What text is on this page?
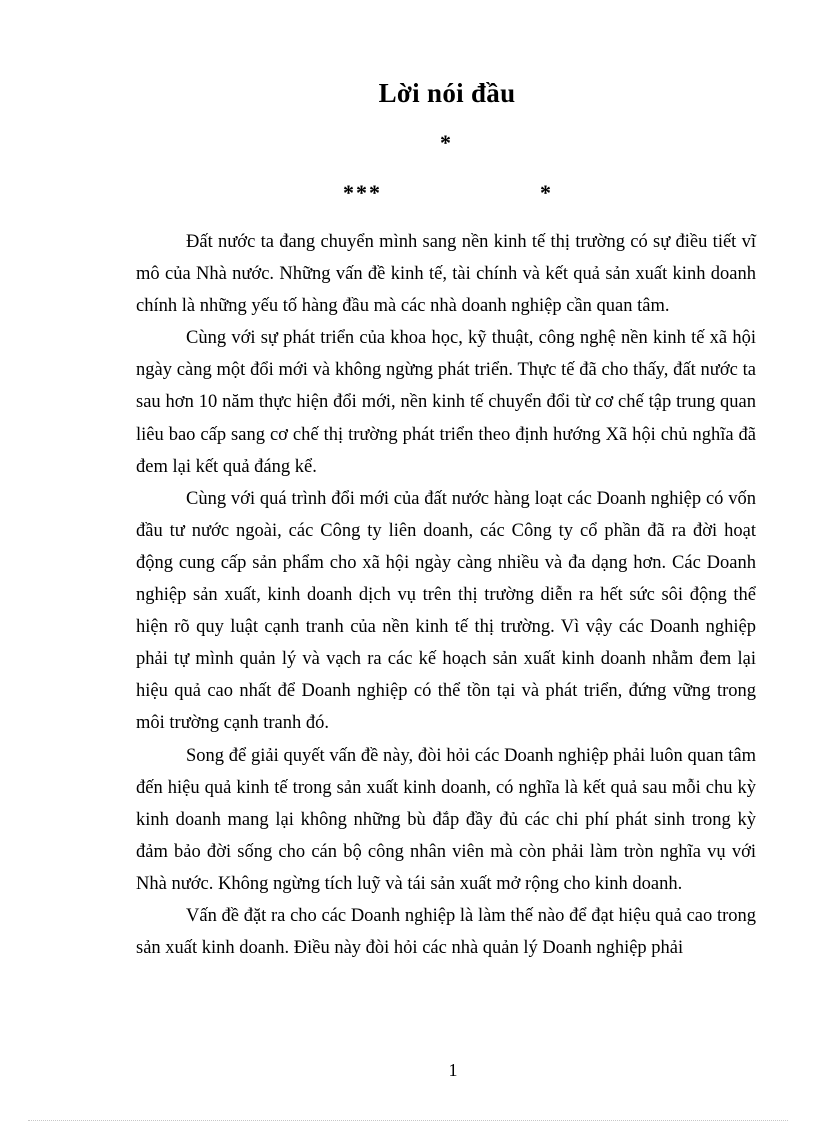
Lời nói đầu
*
***	*

Đất nước ta đang chuyển mình sang nền kinh tế thị trường có sự điều tiết vĩ mô của Nhà nước. Những vấn đề kinh tế, tài chính và kết quả sản xuất kinh doanh chính là những yếu tố hàng đầu mà các nhà doanh nghiệp cần quan tâm.

Cùng với sự phát triển của khoa học, kỹ thuật, công nghệ nền kinh tế xã hội ngày càng một đổi mới và không ngừng phát triển. Thực tế đã cho thấy, đất nước ta sau hơn 10 năm thực hiện đổi mới, nền kinh tế chuyển đổi từ cơ chế tập trung quan liêu bao cấp sang cơ chế thị trường phát triển theo định hướng Xã hội chủ nghĩa đã đem lại kết quả đáng kể.

Cùng với quá trình đổi mới của đất nước hàng loạt các Doanh nghiệp có vốn đầu tư nước ngoài, các Công ty liên doanh, các Công ty cổ phần đã ra đời hoạt động cung cấp sản phẩm cho xã hội ngày càng nhiều và đa dạng hơn. Các Doanh nghiệp sản xuất, kinh doanh dịch vụ trên thị trường diễn ra hết sức sôi động thể hiện rõ quy luật cạnh tranh của nền kinh tế thị trường. Vì vậy các Doanh nghiệp phải tự mình quản lý và vạch ra các kế hoạch sản xuất kinh doanh nhằm đem lại hiệu quả cao nhất để Doanh nghiệp có thể tồn tại và phát triển, đứng vững trong môi trường cạnh tranh đó.

Song để giải quyết vấn đề này, đòi hỏi các Doanh nghiệp phải luôn quan tâm đến hiệu quả kinh tế trong sản xuất kinh doanh, có nghĩa là kết quả sau mỗi chu kỳ kinh doanh mang lại không những bù đắp đầy đủ các chi phí phát sinh trong kỳ đảm bảo đời sống cho cán bộ công nhân viên mà còn phải làm tròn nghĩa vụ với Nhà nước. Không ngừng tích luỹ và tái sản xuất mở rộng cho kinh doanh.

Vấn đề đặt ra cho các Doanh nghiệp là làm thế nào để đạt hiệu quả cao trong sản xuất kinh doanh. Điều này đòi hỏi các nhà quản lý Doanh nghiệp phải

1
